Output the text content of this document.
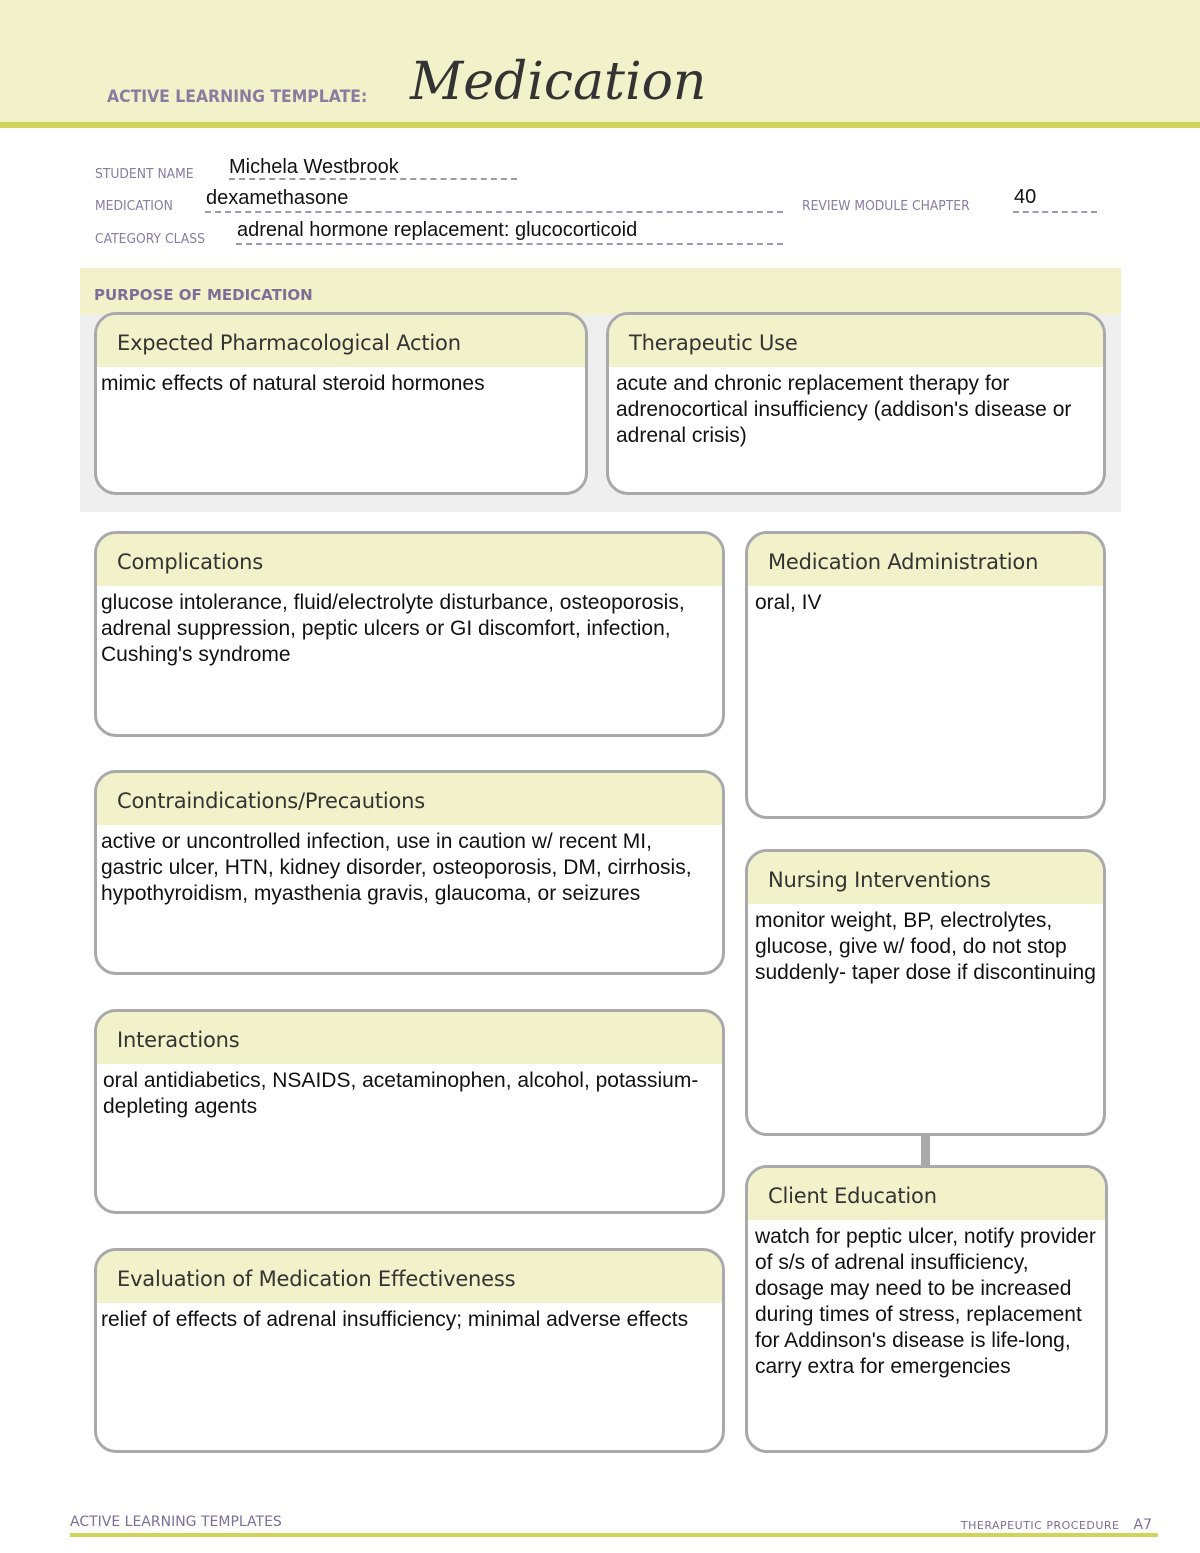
ACTIVE LEARNING TEMPLATE: Medication
STUDENT NAME Michela Westbrook
MEDICATION dexamethasone	REVIEW MODULE CHAPTER 40
CATEGORY CLASS adrenal hormone replacement: glucocorticoid
PURPOSE OF MEDICATION
Expected Pharmacological Action
mimic effects of natural steroid hormones
Therapeutic Use
acute and chronic replacement therapy for adrenocortical insufficiency (addison's disease or adrenal crisis)
Complications
glucose intolerance, fluid/electrolyte disturbance, osteoporosis, adrenal suppression, peptic ulcers or GI discomfort, infection, Cushing's syndrome
Contraindications/Precautions
active or uncontrolled infection, use in caution w/ recent MI, gastric ulcer, HTN, kidney disorder, osteoporosis, DM, cirrhosis, hypothyroidism, myasthenia gravis, glaucoma, or seizures
Interactions
oral antidiabetics, NSAIDS, acetaminophen, alcohol, potassium-depleting agents
Evaluation of Medication Effectiveness
relief of effects of adrenal insufficiency; minimal adverse effects
Medication Administration
oral, IV
Nursing Interventions
monitor weight, BP, electrolytes, glucose, give w/ food, do not stop suddenly- taper dose if discontinuing
Client Education
watch for peptic ulcer, notify provider of s/s of adrenal insufficiency, dosage may need to be increased during times of stress, replacement for Addinson's disease is life-long, carry extra for emergencies
ACTIVE LEARNING TEMPLATES	THERAPEUTIC PROCEDURE A7
